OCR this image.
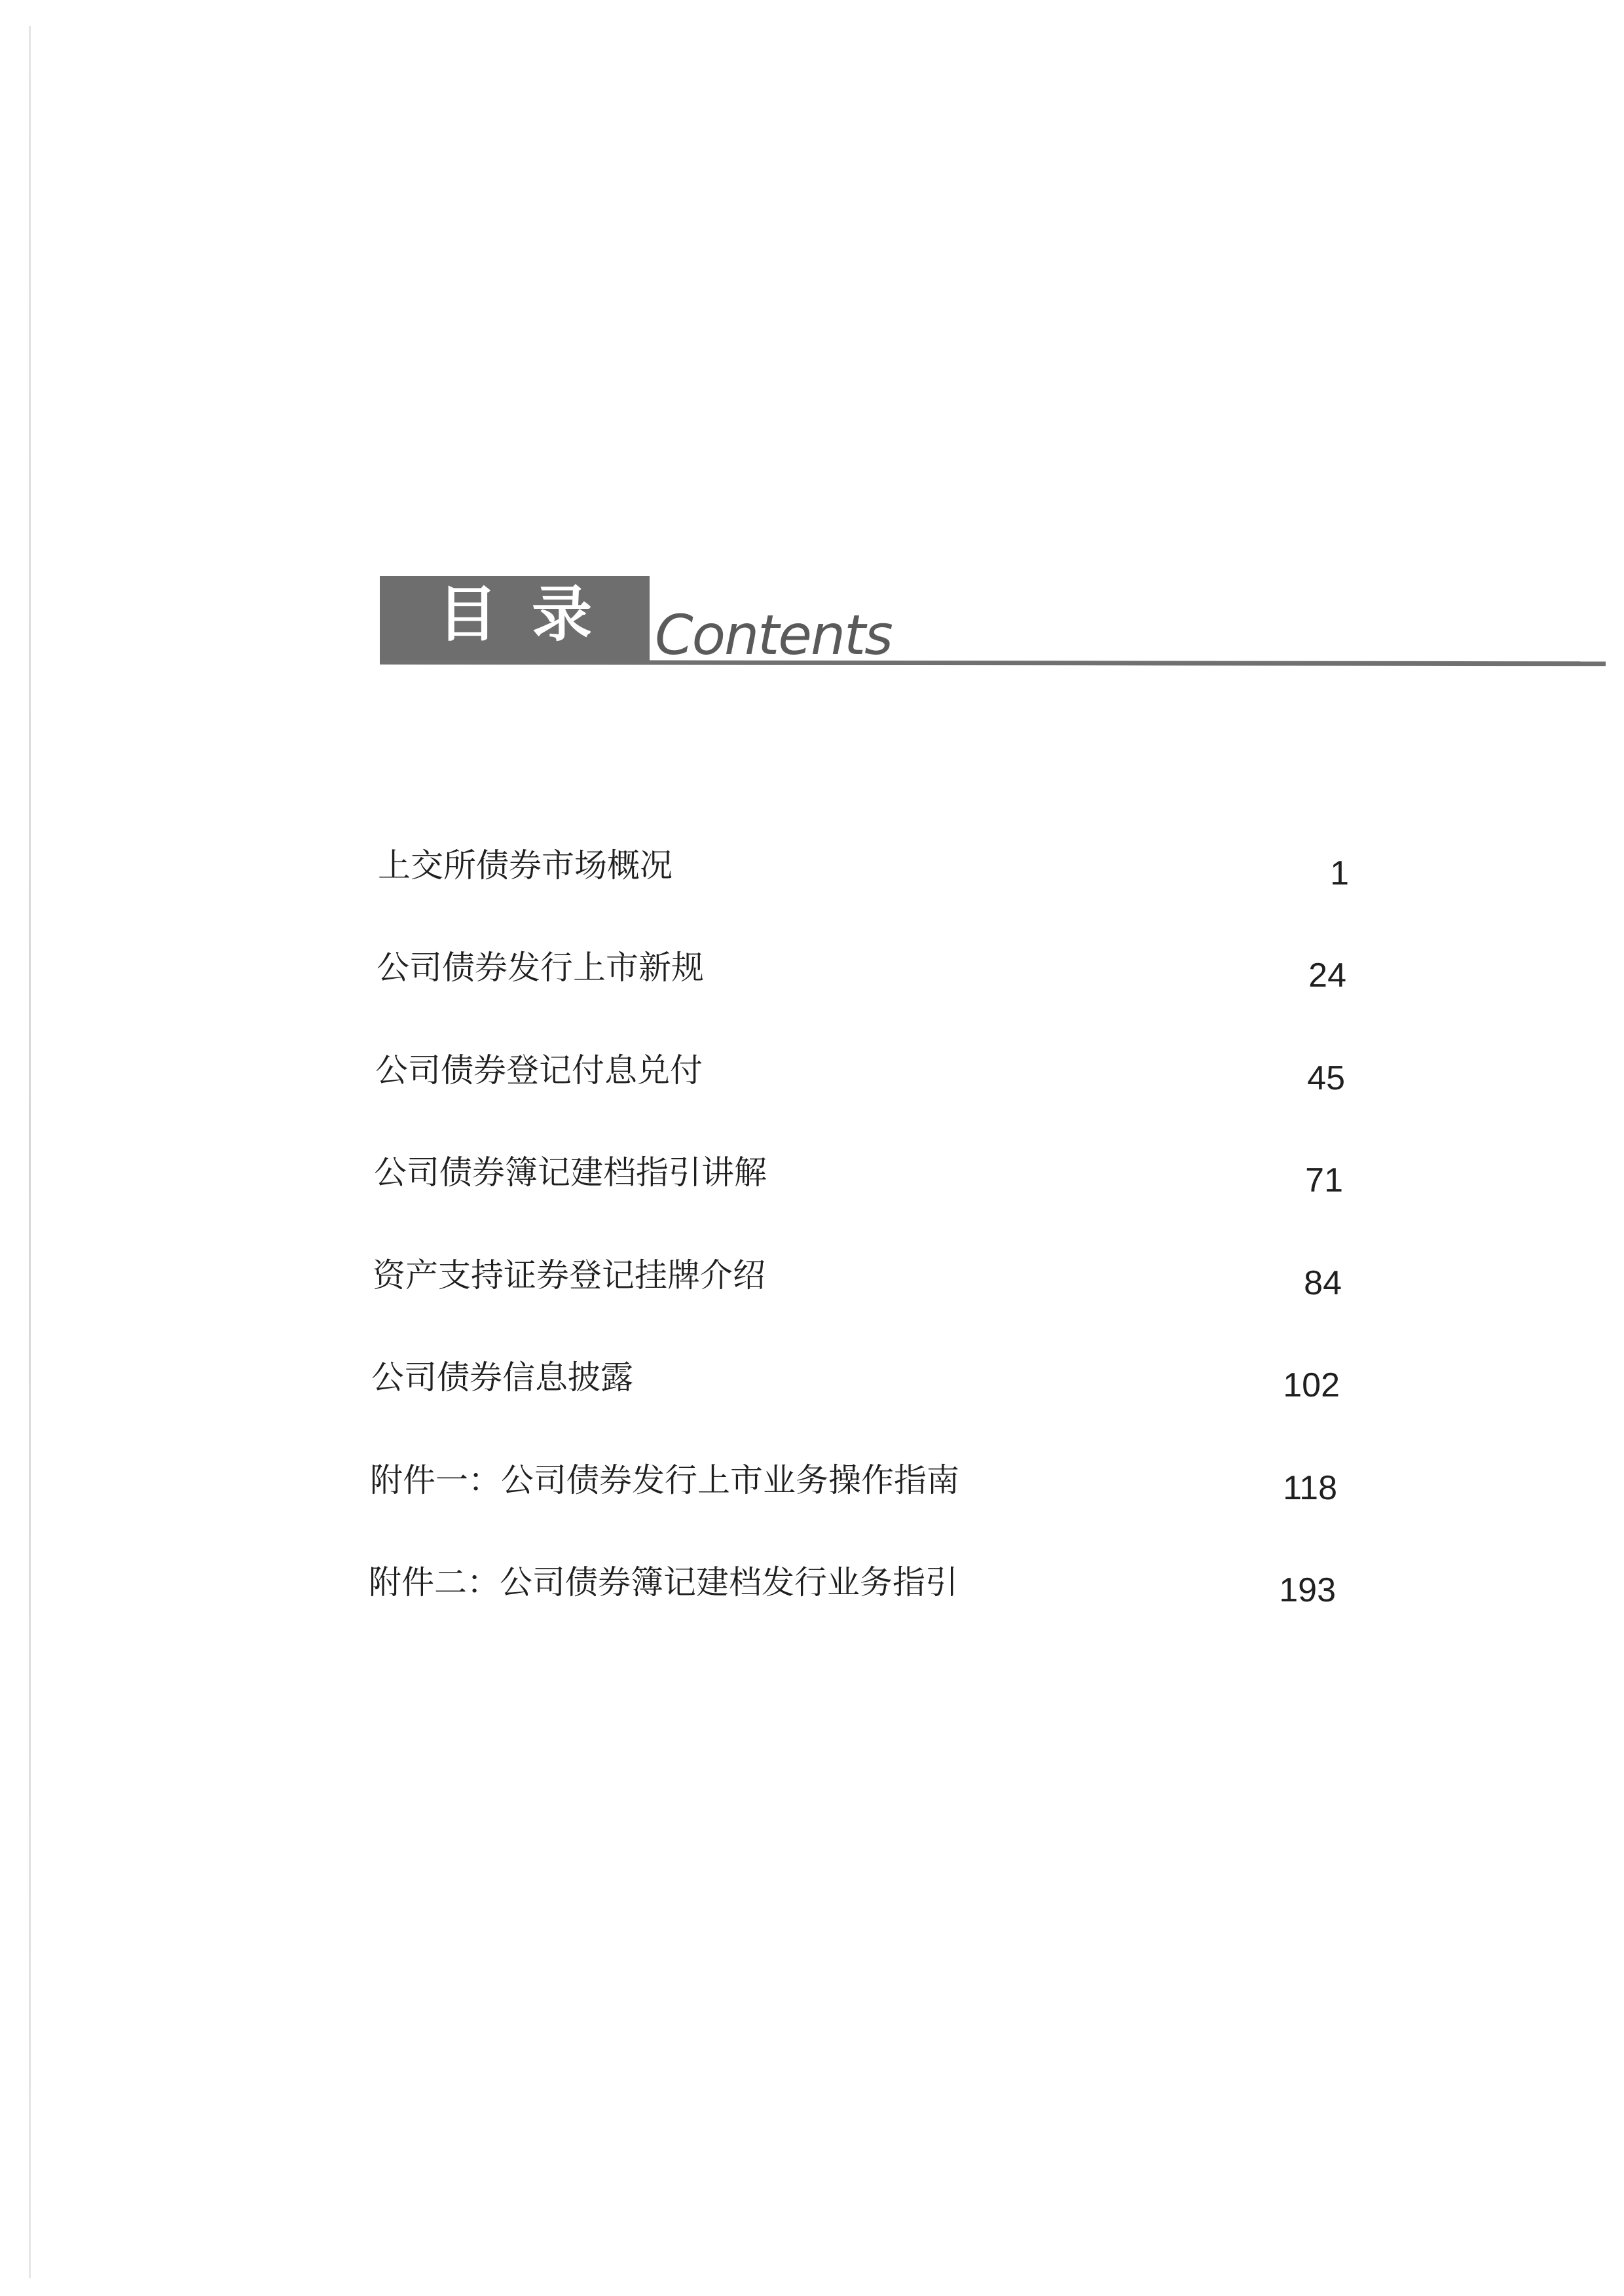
目录 Contents
上交所债券市场概况	1
公司债券发行上市新规	24
公司债券登记付息兑付	45
公司债券簿记建档指引讲解	71
资产支持证券登记挂牌介绍	84
公司债券信息披露	102
附件一：公司债券发行上市业务操作指南	118
附件二：公司债券簿记建档发行业务指引	193
